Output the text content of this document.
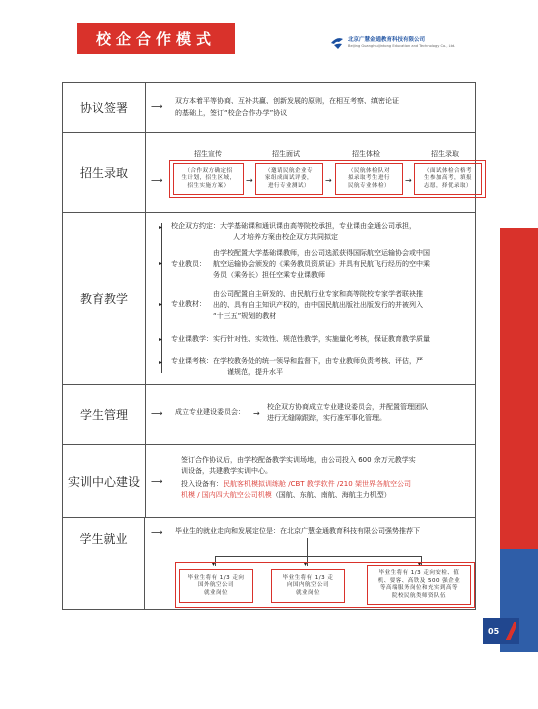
校企合作模式	北京广慧金通教育科技有限公司
Beijing Guanghuijintong Education and Technology Co., Ltd.
05
协议签署	⟶
双方本着平等协商、互补共赢、创新发展的原则，在相互考察、缜密论证
的基础上，签订“校企合作办学”协议
招生录取
招生宣传	招生面试	招生体检	招生录取
⟶
（合作双方确定招
生计划，招生区域，
招生实施方案）
→
（邀请民航企业专
家组成面试评委，
进行专业测试）
→
（民航体检队对
拟录取考生进行
民航专业体检）
→
（面试体检合格考
生参加高考，填报
志愿，择优录取）
教育教学
▸ 校企双方约定：大学基础课和通识课由高等院校承担，专业课由金通公司承担，
人才培养方案由校企双方共同拟定
▸ 专业教员：
由学校配置大学基础课教师，由公司选派获得国际航空运输协会或中国
航空运输协会颁发的《乘务教员资质证》并具有民航飞行经历的空中乘
务员（乘务长）担任空乘专业课教师
▸ 专业教材：
由公司配置自主研发的、由民航行业专家和高等院校专家学者联袂推
出的、具有自主知识产权的，由中国民航出版社出版发行的并被列入
“十三五”规划的教材
▸ 专业课教学：实行针对性、实效性、规范性教学，实施量化考核，保证教育教学质量
▸ 专业课考核：在学校教务处的统一领导和监督下，由专业教师负责考核、评估，严
谨规范，提升水平
学生管理	⟶ 成立专业建设委员会： →
校企双方协商成立专业建设委员会，并配置管理团队
进行无缝隙跟踪，实行准军事化管理。
实训中心建设	⟶
签订合作协议后，由学校配备教学实训场地，由公司投入 600 余万元教学实
训设备，共建教学实训中心。
投入设备有：民航客机模拟训练舱 /CBT 教学软件 /210 架世界各航空公司
机模 / 国内四大航空公司机模（国航、东航、南航、海航主力机型）
学生就业	⟶ 毕业生的就业走向和发展定位是：在北京广慧金通教育科技有限公司强势推荐下
▾	▾	▾
毕业生将有 1/3 走向
国外航空公司
就业岗位
毕业生将有 1/3 走
向国内航空公司
就业岗位
毕业生将有 1/3 走向安检、值
机、要客、高铁及 500 强企业
等高端服务岗位和充实到高等
院校民航类师资队伍
